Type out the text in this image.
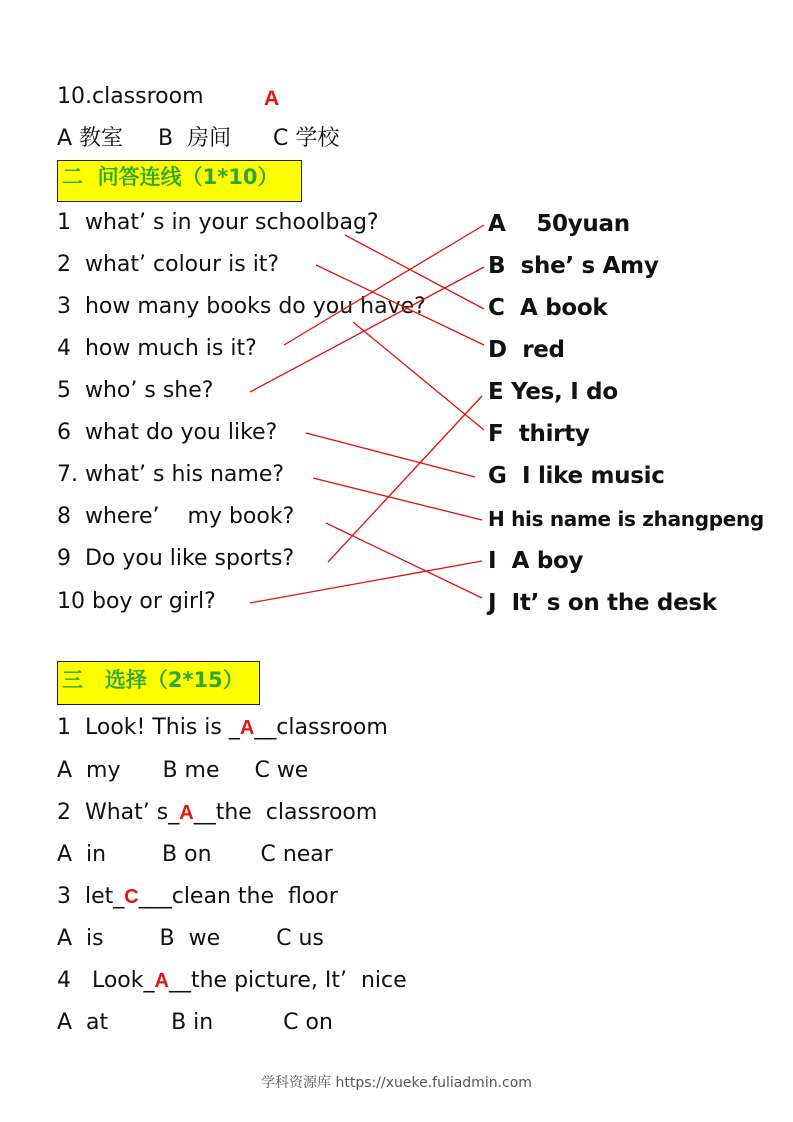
10.classroom	A
A 教室     B  房间      C 学校
二  问答连线（1*10）
1  what’ s in your schoolbag?
2  what’ colour is it?
3  how many books do you have?
4  how much is it?
5  who’ s she?
6  what do you like?
7. what’ s his name?
8  where’    my book?
9  Do you like sports?
10 boy or girl?
A    50yuan
B  she’ s Amy
C  A book
D  red
E Yes, I do
F  thirty
G  I like music
H his name is zhangpeng
I  A boy
J  It’ s on the desk
三   选择（2*15）
1  Look! This is _A__classroom
A  my      B me     C we
2  What’ s_A__the  classroom
A  in        B on       C near
3  let_C___clean the  floor
A  is        B  we        C us
4   Look_A__the picture, It’  nice
A  at         B in          C on
学科资源库 https://xueke.fuliadmin.com
